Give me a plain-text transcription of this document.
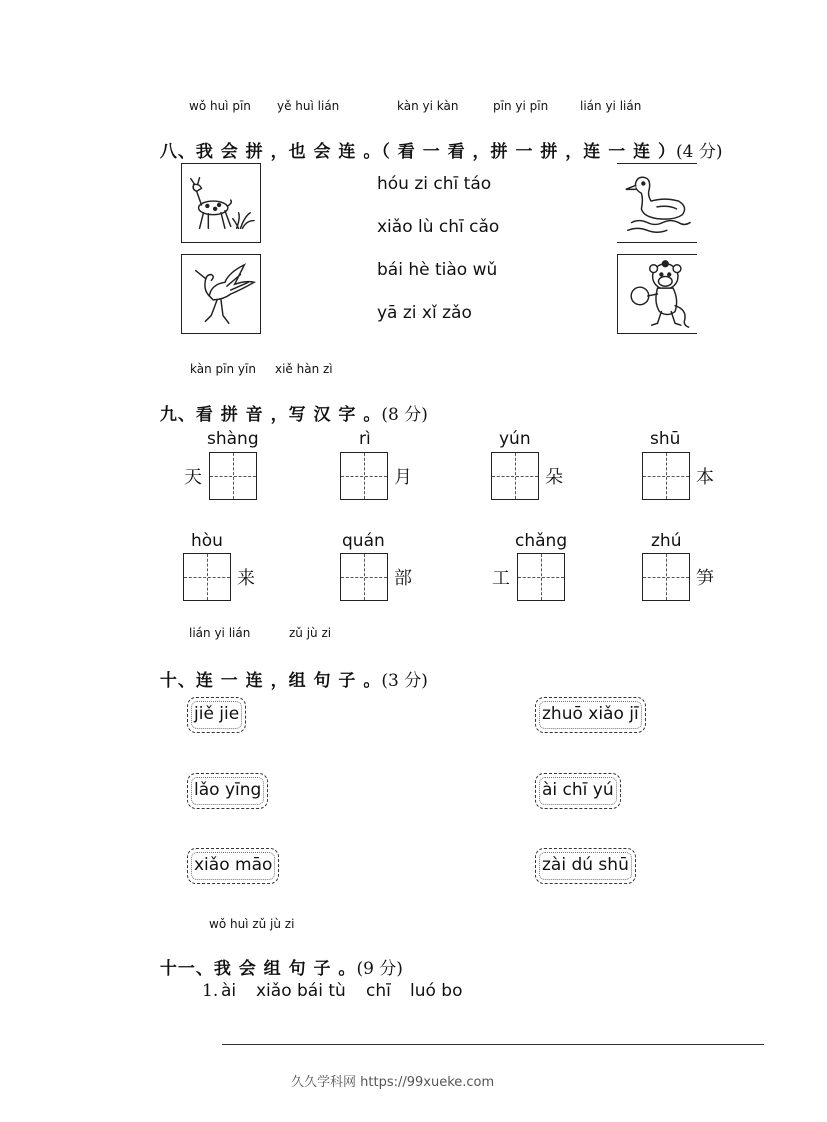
wǒ huì pīn yě huì lián	kàn yi kàn	pīn yi pīn	lián yi lián

八、我 会 拼 ，也 会 连 。（ 看 一 看 ，拼 一 拼 ，连 一 连 ）(4 分)

hóu zi chī táo
xiǎo lù chī cǎo
bái hè tiào wǔ
yā zi xǐ zǎo
kàn pīn yīn xiě hàn zì

九、看 拼 音 ，写 汉 字 。(8 分)

shàng
天
rì
月
yún
朵
shū
本
hòu
来
quán
部
chǎng
工
zhú
笋
lián yi lián	zǔ jù zi

十、连 一 连 ，组 句 子 。(3 分)

jiě jie
lǎo yīng
xiǎo māo
zhuō xiǎo jī
ài chī yú
zài dú shū
wǒ huì zǔ jù zi

十一、我 会 组 句 子 。(9 分)

1. ài xiǎo bái tù chī luó bo
久久学科网 https://99xueke.com
